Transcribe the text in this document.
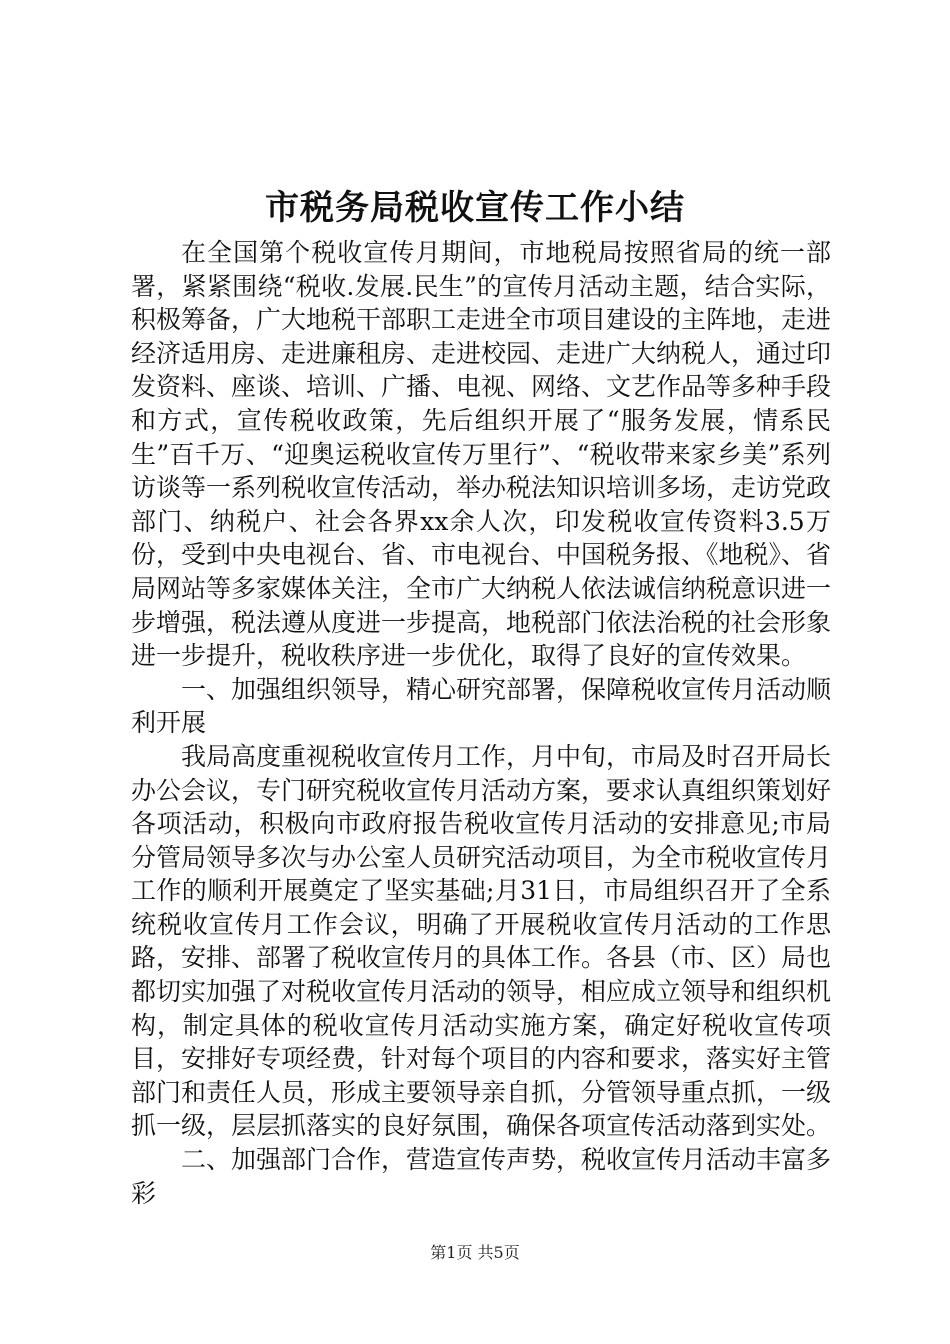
市税务局税收宣传工作小结

在全国第个税收宣传月期间，市地税局按照省局的统一部署，紧紧围绕“税收.发展.民生”的宣传月活动主题，结合实际，积极筹备，广大地税干部职工走进全市项目建设的主阵地，走进经济适用房、走进廉租房、走进校园、走进广大纳税人，通过印发资料、座谈、培训、广播、电视、网络、文艺作品等多种手段和方式，宣传税收政策，先后组织开展了“服务发展，情系民生”百千万、“迎奥运税收宣传万里行”、“税收带来家乡美”系列访谈等一系列税收宣传活动，举办税法知识培训多场，走访党政部门、纳税户、社会各界xx余人次，印发税收宣传资料3.5万份，受到中央电视台、省、市电视台、中国税务报、《地税》、省局网站等多家媒体关注，全市广大纳税人依法诚信纳税意识进一步增强，税法遵从度进一步提高，地税部门依法治税的社会形象进一步提升，税收秩序进一步优化，取得了良好的宣传效果。

一、加强组织领导，精心研究部署，保障税收宣传月活动顺利开展

我局高度重视税收宣传月工作，月中旬，市局及时召开局长办公会议，专门研究税收宣传月活动方案，要求认真组织策划好各项活动，积极向市政府报告税收宣传月活动的安排意见;市局分管局领导多次与办公室人员研究活动项目，为全市税收宣传月工作的顺利开展奠定了坚实基础;月31日，市局组织召开了全系统税收宣传月工作会议，明确了开展税收宣传月活动的工作思路，安排、部署了税收宣传月的具体工作。各县（市、区）局也都切实加强了对税收宣传月活动的领导，相应成立领导和组织机构，制定具体的税收宣传月活动实施方案，确定好税收宣传项目，安排好专项经费，针对每个项目的内容和要求，落实好主管部门和责任人员，形成主要领导亲自抓，分管领导重点抓，一级抓一级，层层抓落实的良好氛围，确保各项宣传活动落到实处。

二、加强部门合作，营造宣传声势，税收宣传月活动丰富多彩

第1页 共5页
